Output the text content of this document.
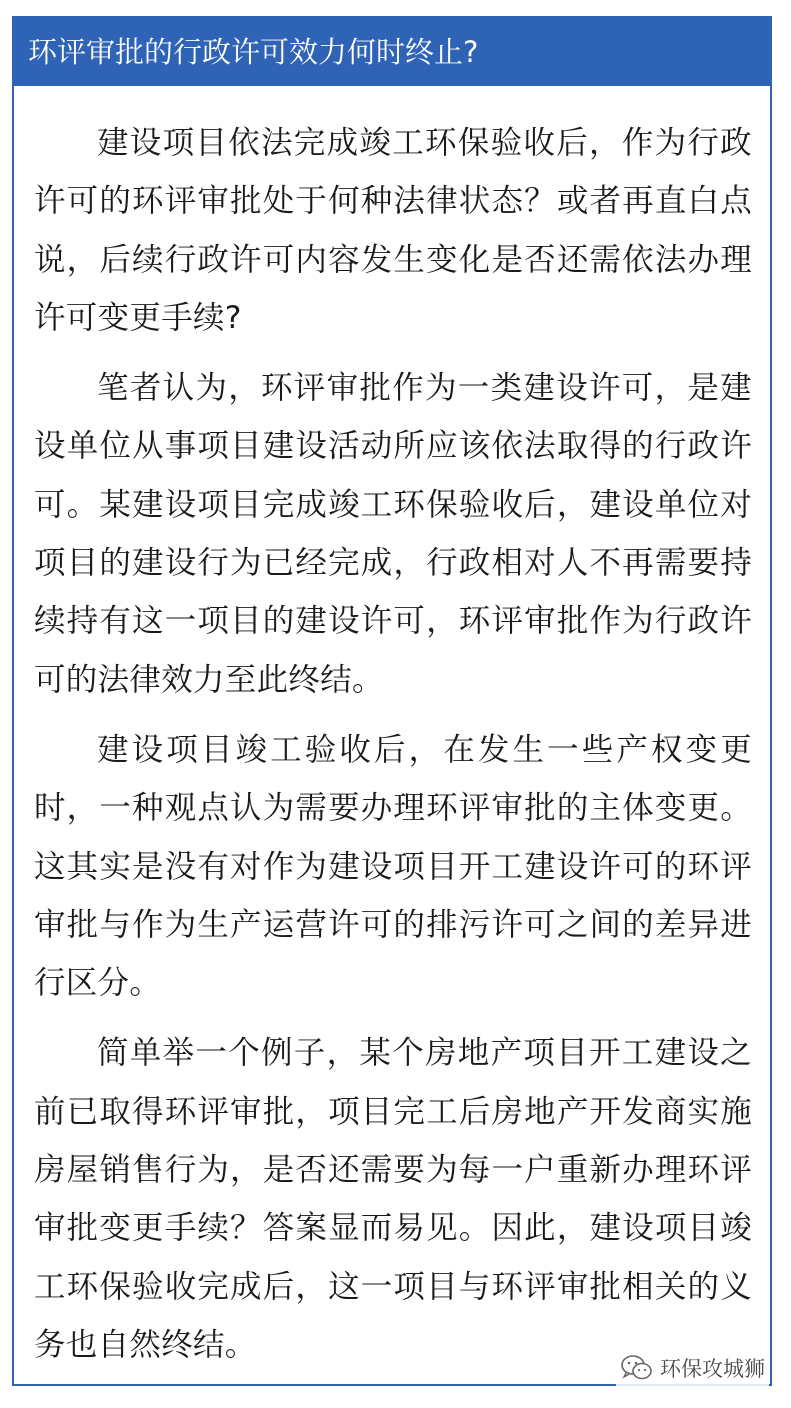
环评审批的行政许可效力何时终止?

建设项目依法完成竣工环保验收后，作为行政许可的环评审批处于何种法律状态？或者再直白点说，后续行政许可内容发生变化是否还需依法办理许可变更手续?

笔者认为，环评审批作为一类建设许可，是建设单位从事项目建设活动所应该依法取得的行政许可。某建设项目完成竣工环保验收后，建设单位对项目的建设行为已经完成，行政相对人不再需要持续持有这一项目的建设许可，环评审批作为行政许可的法律效力至此终结。

建设项目竣工验收后，在发生一些产权变更时，一种观点认为需要办理环评审批的主体变更。这其实是没有对作为建设项目开工建设许可的环评审批与作为生产运营许可的排污许可之间的差异进行区分。

简单举一个例子，某个房地产项目开工建设之前已取得环评审批，项目完工后房地产开发商实施房屋销售行为，是否还需要为每一户重新办理环评审批变更手续？答案显而易见。因此，建设项目竣工环保验收完成后，这一项目与环评审批相关的义务也自然终结。

环保攻城狮
